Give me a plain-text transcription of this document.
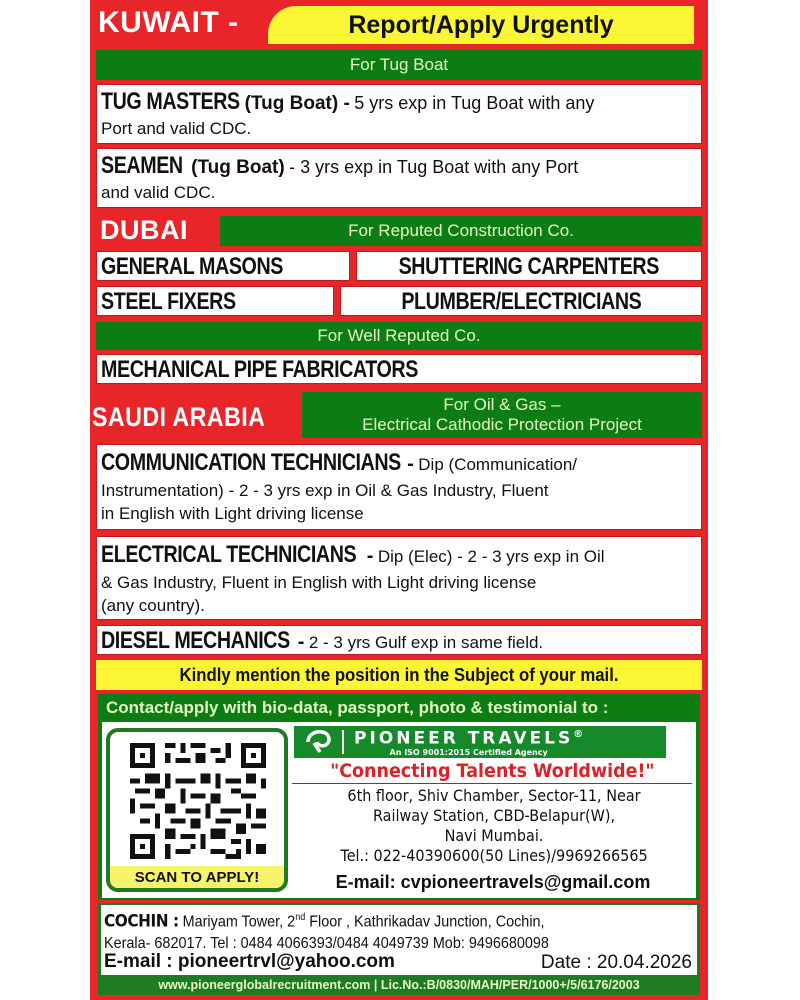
KUWAIT -	Report/Apply Urgently
For Tug Boat
TUG MASTERS (Tug Boat) - 5 yrs exp in Tug Boat with any
Port and valid CDC.
SEAMEN (Tug Boat) - 3 yrs exp in Tug Boat with any Port
and valid CDC.
DUBAI	For Reputed Construction Co.
GENERAL MASONS	SHUTTERING CARPENTERS
STEEL FIXERS	PLUMBER/ELECTRICIANS
For Well Reputed Co.
MECHANICAL PIPE FABRICATORS
SAUDI ARABIA	For Oil & Gas –
Electrical Cathodic Protection Project
COMMUNICATION TECHNICIANS - Dip (Communication/
Instrumentation) - 2 - 3 yrs exp in Oil & Gas Industry, Fluent
in English with Light driving license
ELECTRICAL TECHNICIANS - Dip (Elec) - 2 - 3 yrs exp in Oil
& Gas Industry, Fluent in English with Light driving license
(any country).
DIESEL MECHANICS - 2 - 3 yrs Gulf exp in same field.
Kindly mention the position in the Subject of your mail.
Contact/apply with bio-data, passport, photo & testimonial to :
SCAN TO APPLY!
PIONEER TRAVELS®
An ISO 9001:2015 Certified Agency
"Connecting Talents Worldwide!"
6th floor, Shiv Chamber, Sector-11, Near
Railway Station, CBD-Belapur(W),
Navi Mumbai.
Tel.: 022-40390600(50 Lines)/9969266565
E-mail: cvpioneertravels@gmail.com
COCHIN : Mariyam Tower, 2nd Floor , Kathrikadav Junction, Cochin,
Kerala- 682017. Tel : 0484 4066393/0484 4049739 Mob: 9496680098
E-mail : pioneertrvl@yahoo.com	Date : 20.04.2026
www.pioneerglobalrecruitment.com | Lic.No.:B/0830/MAH/PER/1000+/5/6176/2003
